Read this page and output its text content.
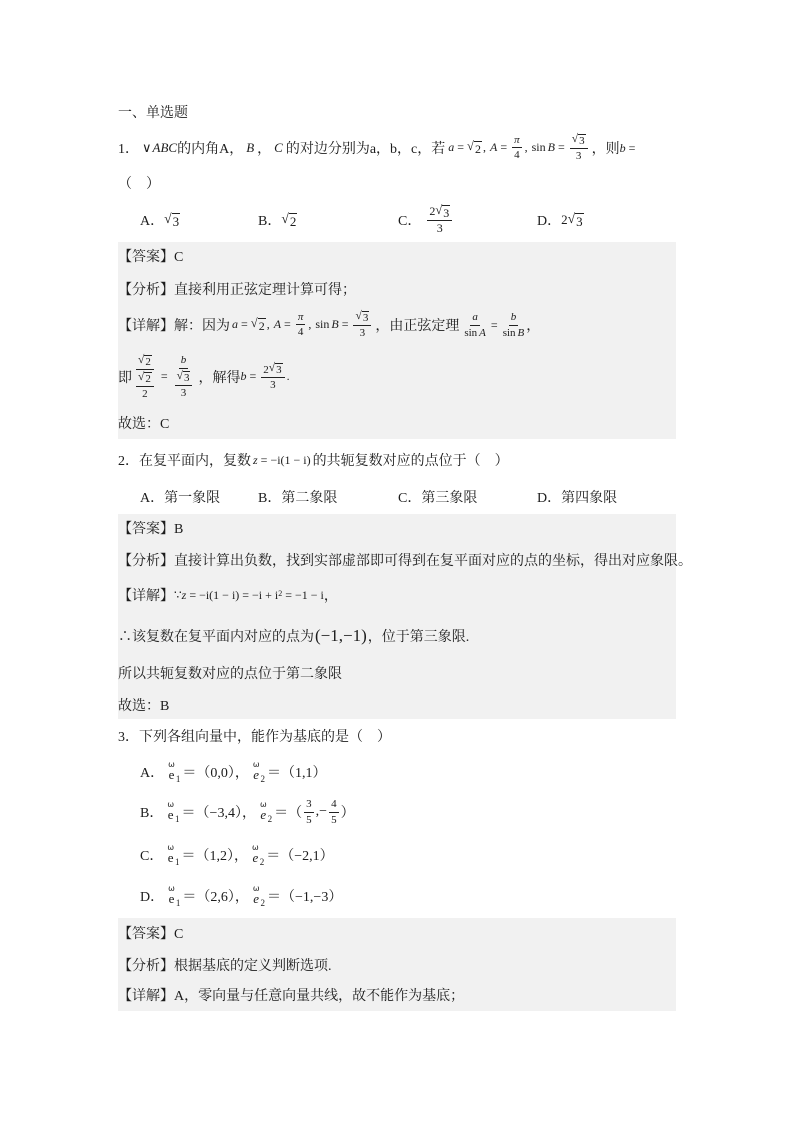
一、单选题
1． ∨ ABC 的内角A， B ， C 的对边分别为a，b，c，若 a = √ 2 , $A = \frac{\pi}{4}$ , $\sin B = \frac{√ 3}{3}$ ，则 b =
（　）
A． √ 3	B． √ 2	C． $\frac{2 √ 3}{3}$	D． 2 √ 3
【答案】C
【分析】直接利用正弦定理计算可得；
【详解】解：因为 a = √ 2 , $A = \frac{\pi}{4}$ , $\sin B = \frac{√ 3}{3}$ ，由正弦定理 $\frac{a}{\text{sin A}} = \frac{b}{\text{sin B}}$ ，
即 $\frac{√ 2}{\frac{√ 2}{2}} = \frac{b}{\frac{√ 3}{3}}$ ，解得 $b = \frac{2 √ 3}{3}$ .
故选：C
2． 在复平面内，复数 z = −i(1 − i) 的共轭复数对应的点位于（　）
A．第一象限	B．第二象限	C．第三象限	D．第四象限
【答案】B
【分析】直接计算出负数，找到实部虚部即可得到在复平面对应的点的坐标，得出对应象限。
【详解】 ∵ z = −i(1 − i) = −i + i 2 = −1 − i ，
∴该复数在复平面内对应的点为 (−1,−1) ，位于第三象限.
所以共轭复数对应的点位于第二象限
故选：B
3． 下列各组向量中，能作为基底的是（　）
A．
ω
e 1 ＝（0,0），
ω
e 2 ＝（1,1）
B．
ω
e 1 ＝（−3,4），
ω
e 2 ＝（ $\frac{3}{5}$ ,− $\frac{4}{5}$ ）
C．
ω
e 1 ＝（1,2），
ω
e 2 ＝（−2,1）
D．
ω
e 1 ＝（2,6），
ω
e 2 ＝（−1,−3）
【答案】C
【分析】根据基底的定义判断选项.
【详解】A，零向量与任意向量共线，故不能作为基底；
